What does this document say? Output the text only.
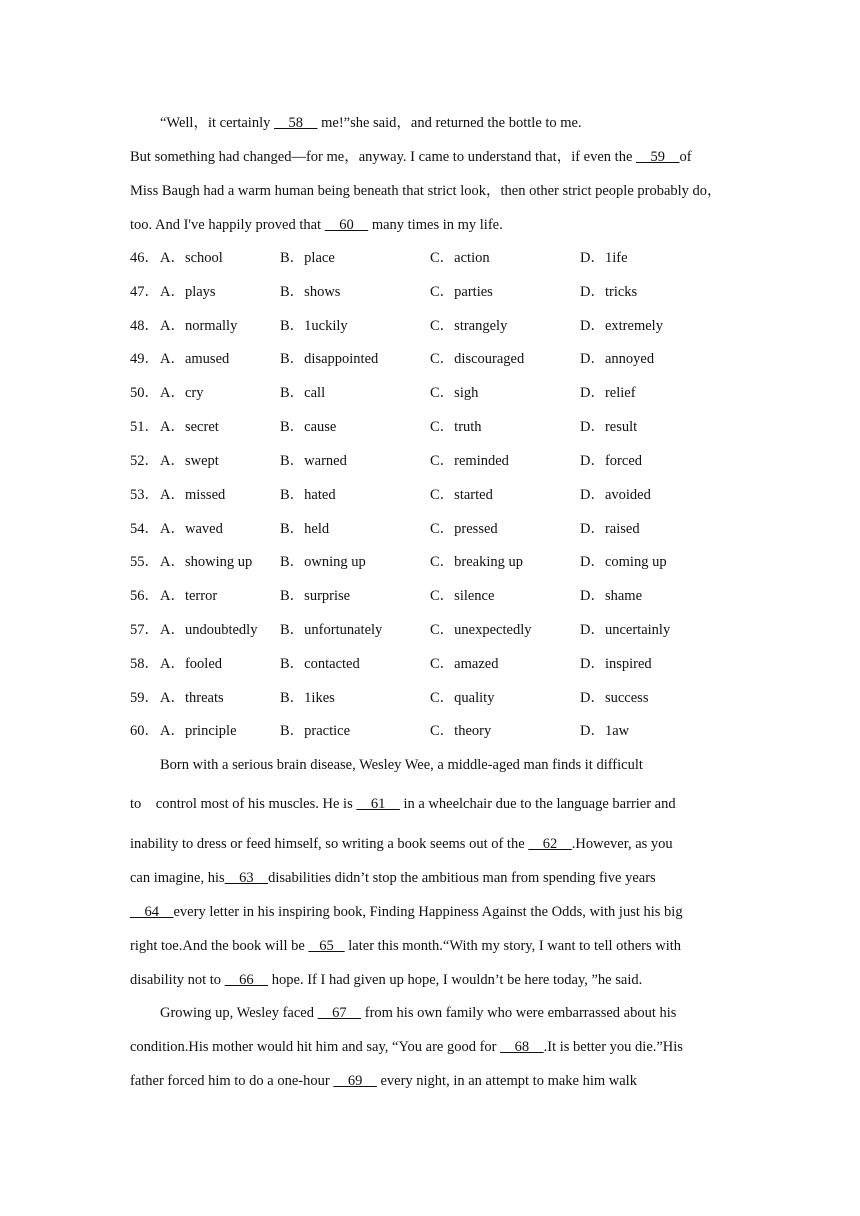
“Well，it certainly     58     me!”she said，and returned the bottle to me.
But something had changed—for me，anyway. I came to understand that，if even the     59    of
Miss Baugh had a warm human being beneath that strict look，then other strict people probably do，
too. And I've happily proved that     60     many times in my life.
46． A．school	B．place	C．action	D．1ife
47． A．plays	B．shows	C．parties	D．tricks
48． A．normally	B．1uckily	C．strangely	D．extremely
49． A．amused	B．disappointed	C．discouraged	D．annoyed
50． A．cry	B．call	C．sigh	D．relief
51． A．secret	B．cause	C．truth	D．result
52． A．swept	B．warned	C．reminded	D．forced
53． A．missed	B．hated	C．started	D．avoided
54． A．waved	B．held	C．pressed	D．raised
55． A．showing up B．owning up	C．breaking up	D．coming up
56． A．terror	B．surprise	C．silence	D．shame
57． A．undoubtedly B．unfortunately	C．unexpectedly	D．uncertainly
58． A．fooled	B．contacted	C．amazed	D．inspired
59． A．threats	B．1ikes	C．quality	D．success
60． A．principle	B．practice	C．theory	D．1aw
Born with a serious brain disease, Wesley Wee, a middle-aged man finds it difficult
to    control most of his muscles. He is     61     in a wheelchair due to the language barrier and
inability to dress or feed himself, so writing a book seems out of the     62    .However, as you
can imagine, his    63    disabilities didn’t stop the ambitious man from spending five years
64    every letter in his inspiring book, Finding Happiness Against the Odds, with just his big
right toe.And the book will be    65    later this month.“With my story, I want to tell others with
disability not to     66     hope. If I had given up hope, I wouldn’t be here today, ”he said.
Growing up, Wesley faced     67     from his own family who were embarrassed about his
condition.His mother would hit him and say, “You are good for     68    .It is better you die.”His
father forced him to do a one-hour     69     every night, in an attempt to make him walk
